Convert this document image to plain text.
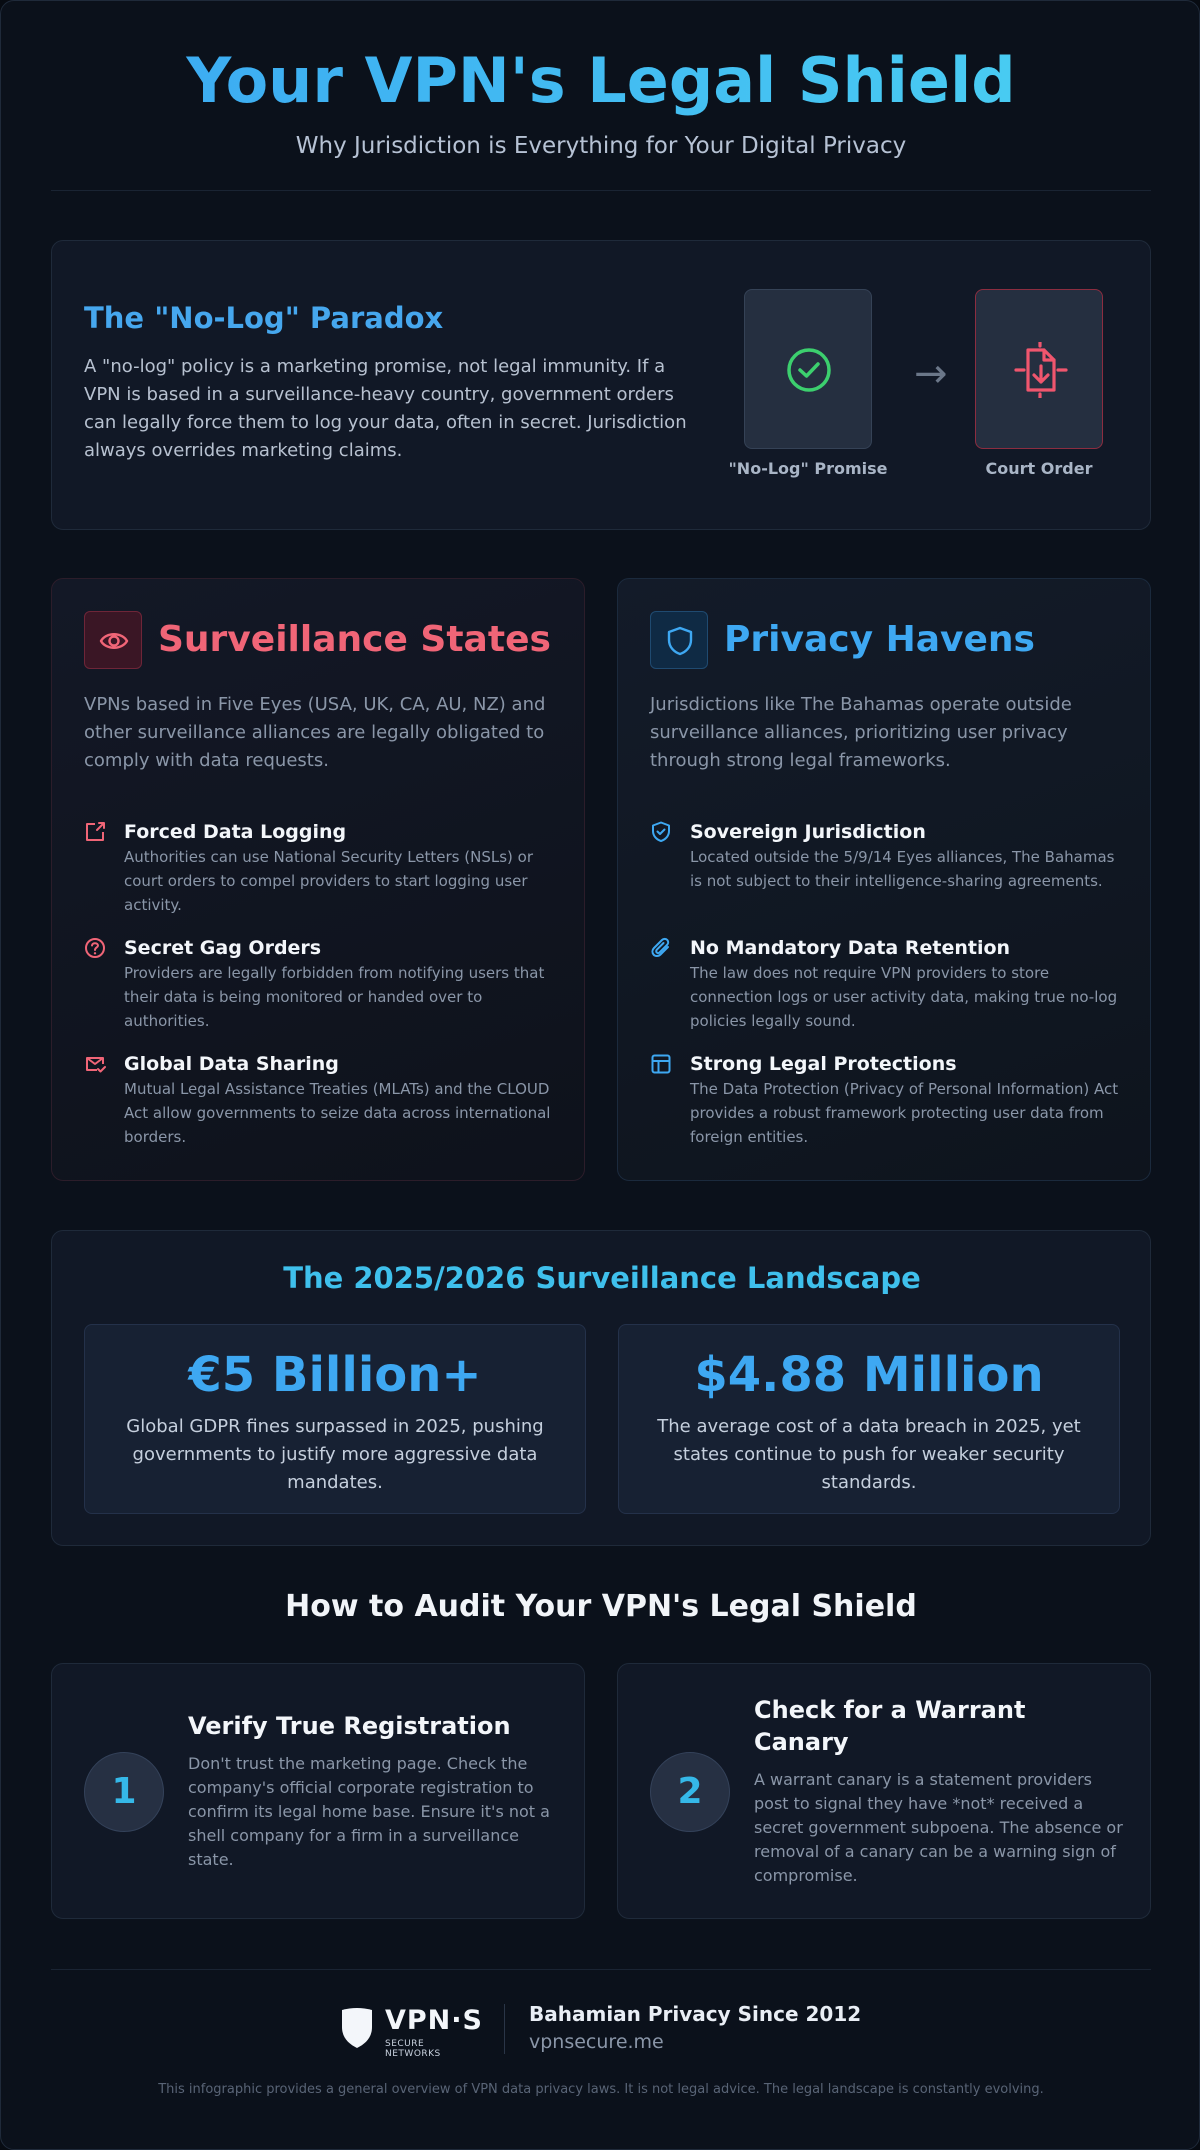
Your VPN's Legal Shield
Why Jurisdiction is Everything for Your Digital Privacy
The "No-Log" Paradox
A "no-log" policy is a marketing promise, not legal immunity. If a VPN is based in a surveillance-heavy country, government orders can legally force them to log your data, often in secret. Jurisdiction always overrides marketing claims.
"No-Log" Promise
→
Court Order
Surveillance States
VPNs based in Five Eyes (USA, UK, CA, AU, NZ) and other surveillance alliances are legally obligated to comply with data requests.
Forced Data Logging
Authorities can use National Security Letters (NSLs) or court orders to compel providers to start logging user activity.
Secret Gag Orders
Providers are legally forbidden from notifying users that their data is being monitored or handed over to authorities.
Global Data Sharing
Mutual Legal Assistance Treaties (MLATs) and the CLOUD Act allow governments to seize data across international borders.
Privacy Havens
Jurisdictions like The Bahamas operate outside surveillance alliances, prioritizing user privacy through strong legal frameworks.
Sovereign Jurisdiction
Located outside the 5/9/14 Eyes alliances, The Bahamas is not subject to their intelligence-sharing agreements.
No Mandatory Data Retention
The law does not require VPN providers to store connection logs or user activity data, making true no-log policies legally sound.
Strong Legal Protections
The Data Protection (Privacy of Personal Information) Act provides a robust framework protecting user data from foreign entities.
The 2025/2026 Surveillance Landscape
€5 Billion+
Global GDPR fines surpassed in 2025, pushing governments to justify more aggressive data mandates.
$4.88 Million
The average cost of a data breach in 2025, yet states continue to push for weaker security standards.
How to Audit Your VPN's Legal Shield
1
Verify True Registration
Don't trust the marketing page. Check the company's official corporate registration to confirm its legal home base. Ensure it's not a shell company for a firm in a surveillance state.
2
Check for a Warrant Canary
A warrant canary is a statement providers post to signal they have *not* received a secret government subpoena. The absence or removal of a canary can be a warning sign of compromise.
VPN·S
SECURE NETWORKS
Bahamian Privacy Since 2012
vpnsecure.me
This infographic provides a general overview of VPN data privacy laws. It is not legal advice. The legal landscape is constantly evolving.
